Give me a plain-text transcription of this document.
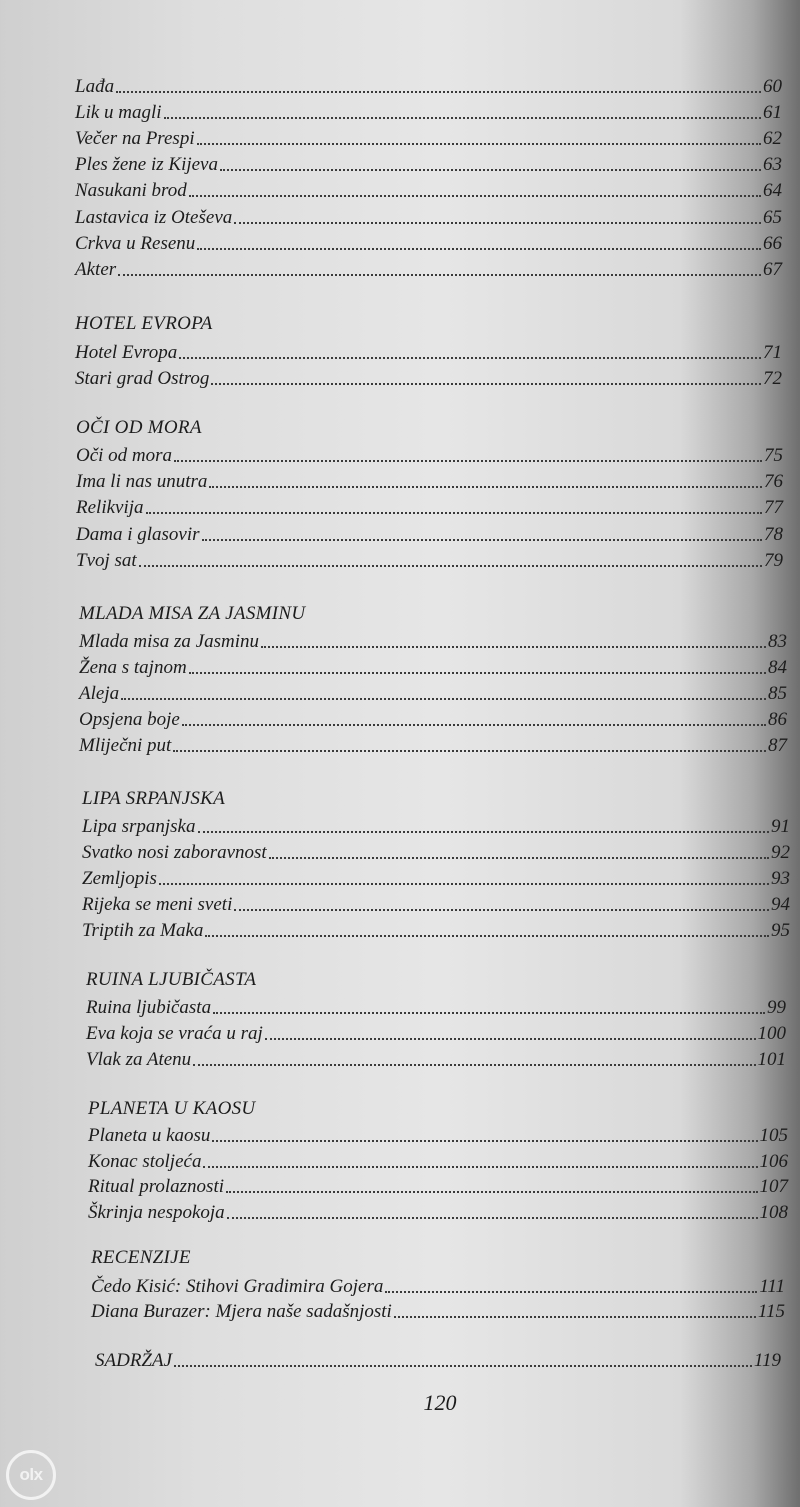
Lađa	60
Lik u magli	61
Večer na Prespi	62
Ples žene iz Kijeva	63
Nasukani brod	64
Lastavica iz Oteševa	65
Crkva u Resenu	66
Akter	67
HOTEL EVROPA
Hotel Evropa	71
Stari grad Ostrog	72
OČI OD MORA
Oči od mora	75
Ima li nas unutra	76
Relikvija	77
Dama i glasovir	78
Tvoj sat	79
MLADA MISA ZA JASMINU
Mlada misa za Jasminu	83
Žena s tajnom	84
Aleja	85
Opsjena boje	86
Mliječni put	87
LIPA SRPANJSKA
Lipa srpanjska	91
Svatko nosi zaboravnost	92
Zemljopis	93
Rijeka se meni sveti	94
Triptih za Maka	95
RUINA LJUBIČASTA
Ruina ljubičasta	99
Eva koja se vraća u raj	100
Vlak za Atenu	101
PLANETA U KAOSU
Planeta u kaosu	105
Konac stoljeća	106
Ritual prolaznosti	107
Škrinja nespokoja	108
RECENZIJE
Čedo Kisić: Stihovi Gradimira Gojera	111
Diana Burazer: Mjera naše sadašnjosti	115
SADRŽAJ	119
120
olx
